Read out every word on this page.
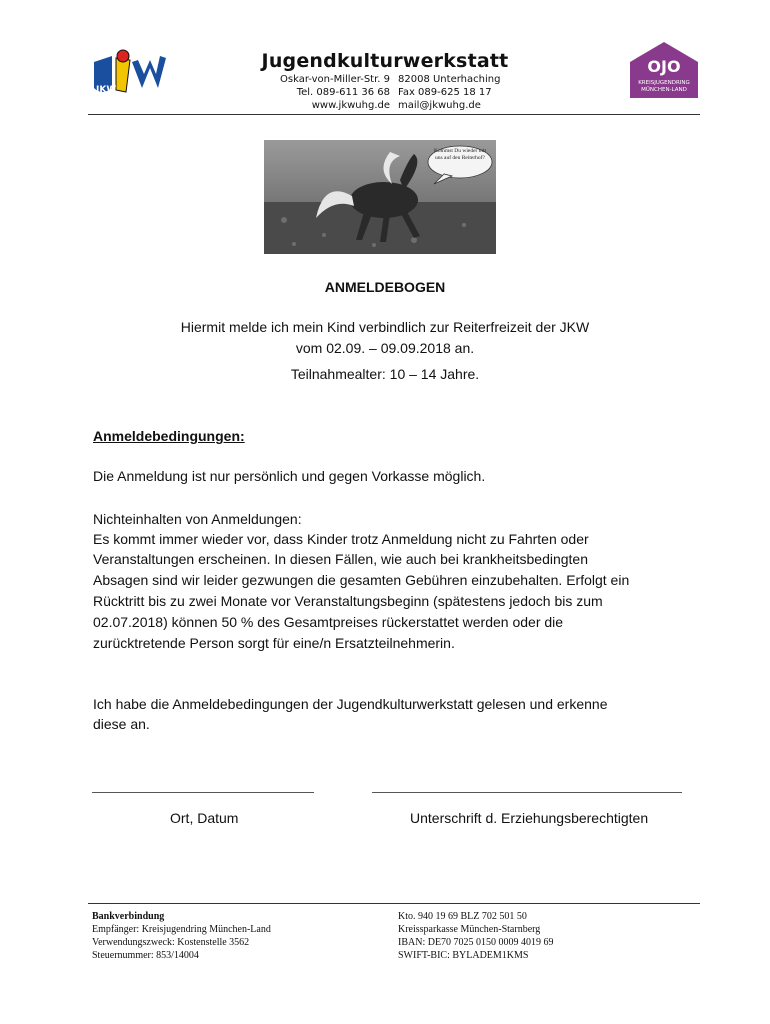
JKW
Jugendkulturwerkstatt
Oskar-von-Miller-Str. 9 82008 Unterhaching
Tel. 089-611 36 68 Fax 089-625 18 17
www.jkwuhg.de mail@jkwuhg.de
OJO
KREISJUGENDRING
MÜNCHEN-LAND
Kommst Du wieder mit uns auf den Reiterhof?
ANMELDEBOGEN
Hiermit melde ich mein Kind verbindlich zur Reiterfreizeit der JKW
vom 02.09. – 09.09.2018 an.
Teilnahmealter: 10 – 14 Jahre.
Anmeldebedingungen:
Die Anmeldung ist nur persönlich und gegen Vorkasse möglich.
Nichteinhalten von Anmeldungen:
Es kommt immer wieder vor, dass Kinder trotz Anmeldung nicht zu Fahrten oder
Veranstaltungen erscheinen. In diesen Fällen, wie auch bei krankheitsbedingten
Absagen sind wir leider gezwungen die gesamten Gebühren einzubehalten. Erfolgt ein
Rücktritt bis zu zwei Monate vor Veranstaltungsbeginn (spätestens jedoch bis zum
02.07.2018) können 50 % des Gesamtpreises rückerstattet werden oder die
zurücktretende Person sorgt für eine/n Ersatzteilnehmerin.
Ich habe die Anmeldebedingungen der Jugendkulturwerkstatt gelesen und erkenne
diese an.
Ort, Datum	Unterschrift d. Erziehungsberechtigten
Bankverbindung
Empfänger: Kreisjugendring München-Land
Verwendungszweck: Kostenstelle 3562
Steuernummer: 853/14004
Kto. 940 19 69 BLZ 702 501 50
Kreissparkasse München-Starnberg
IBAN: DE70 7025 0150 0009 4019 69
SWIFT-BIC: BYLADEM1KMS
